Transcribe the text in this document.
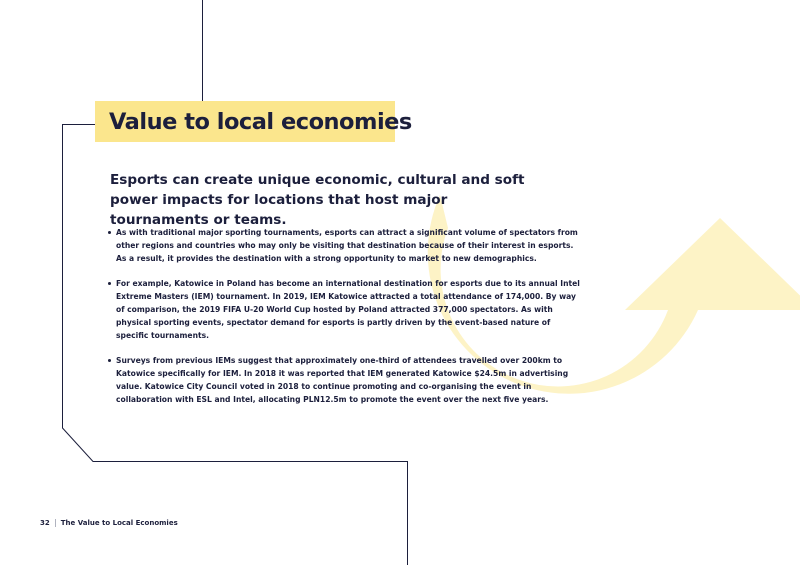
Value to local economies

Esports can create unique economic, cultural and soft power impacts for locations that host major tournaments or teams.

As with traditional major sporting tournaments, esports can attract a significant volume of spectators from other regions and countries who may only be visiting that destination because of their interest in esports. As a result, it provides the destination with a strong opportunity to market to new demographics.
For example, Katowice in Poland has become an international destination for esports due to its annual Intel Extreme Masters (IEM) tournament. In 2019, IEM Katowice attracted a total attendance of 174,000. By way of comparison, the 2019 FIFA U-20 World Cup hosted by Poland attracted 377,000 spectators. As with physical sporting events, spectator demand for esports is partly driven by the event-based nature of specific tournaments.
Surveys from previous IEMs suggest that approximately one-third of attendees travelled over 200km to Katowice specifically for IEM. In 2018 it was reported that IEM generated Katowice $24.5m in advertising value. Katowice City Council voted in 2018 to continue promoting and co-organising the event in collaboration with ESL and Intel, allocating PLN12.5m to promote the event over the next five years.
32 The Value to Local Economies
